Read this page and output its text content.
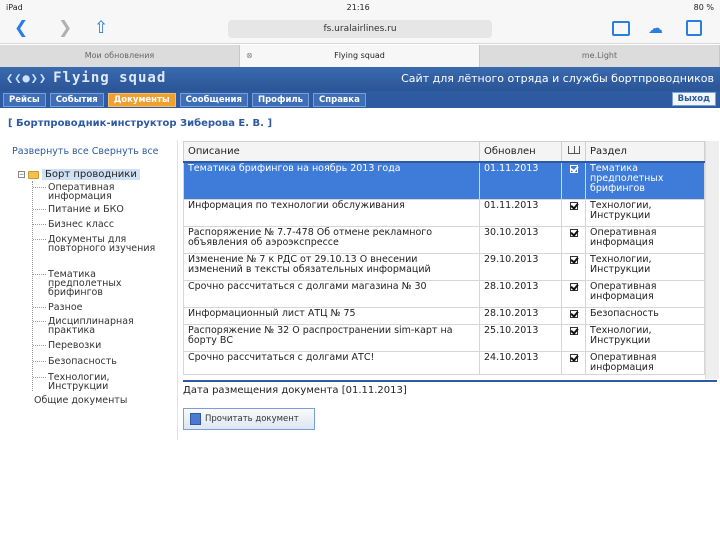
iPad	21:16	80 %
❮ ❯ ⇧	fs.uralairlines.ru	☁
Мои обновления	⊗	Flying squad	me.Light
❮❮●❯❯ Flying squad	Сайт для лётного отряда и службы бортпроводников
Рейсы	События	Документы	Сообщения	Профиль	Справка	Выход
[ Бортпроводник-инструктор Зиберова Е. В. ]
Развернуть все Свернуть все
−	Борт проводники
Оперативная информация
Питание и БКО
Бизнес класс
Документы для повторного изучения
Тематика предполетных брифингов
Разное
Дисциплинарная практика
Перевозки
Безопасность
Технологии, Инструкции
Общие документы
Описание	Обновлен		Раздел
Тематика брифингов на ноябрь 2013 года	01.11.2013		Тематика предполетных брифингов
Информация по технологии обслуживания	01.11.2013		Технологии, Инструкции
Распоряжение № 7.7-478 Об отмене рекламного объявления об аэроэкспрессе	30.10.2013		Оперативная информация
Изменение № 7 к РДС от 29.10.13 О внесении изменений в тексты обязательных информаций	29.10.2013		Технологии, Инструкции
Срочно рассчитаться с долгами магазина № 30	28.10.2013		Оперативная информация
Информационный лист АТЦ № 75	28.10.2013		Безопасность
Распоряжение № 32 О распространении sim-карт на борту ВС	25.10.2013		Технологии, Инструкции
Срочно рассчитаться с долгами АТС!	24.10.2013		Оперативная информация
Дата размещения документа [01.11.2013]
Прочитать документ
